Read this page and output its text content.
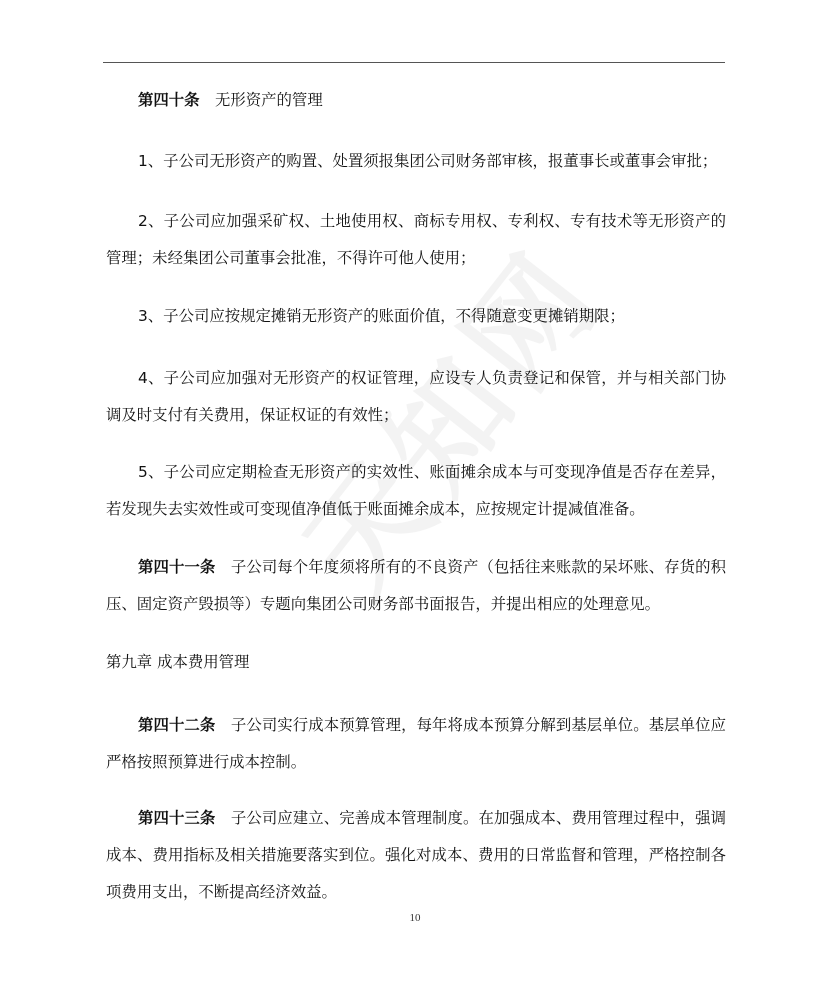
第四十条  无形资产的管理
1、子公司无形资产的购置、处置须报集团公司财务部审核，报董事长或董事会审批；
2、子公司应加强采矿权、土地使用权、商标专用权、专利权、专有技术等无形资产的管理；未经集团公司董事会批准，不得许可他人使用；
3、子公司应按规定摊销无形资产的账面价值，不得随意变更摊销期限；
4、子公司应加强对无形资产的权证管理，应设专人负责登记和保管，并与相关部门协调及时支付有关费用，保证权证的有效性；
5、子公司应定期检查无形资产的实效性、账面摊余成本与可变现净值是否存在差异，若发现失去实效性或可变现值净值低于账面摊余成本，应按规定计提减值准备。
第四十一条  子公司每个年度须将所有的不良资产（包括往来账款的呆坏账、存货的积压、固定资产毁损等）专题向集团公司财务部书面报告，并提出相应的处理意见。
第九章 成本费用管理
第四十二条  子公司实行成本预算管理，每年将成本预算分解到基层单位。基层单位应严格按照预算进行成本控制。
第四十三条  子公司应建立、完善成本管理制度。在加强成本、费用管理过程中，强调成本、费用指标及相关措施要落实到位。强化对成本、费用的日常监督和管理，严格控制各项费用支出，不断提高经济效益。
10
